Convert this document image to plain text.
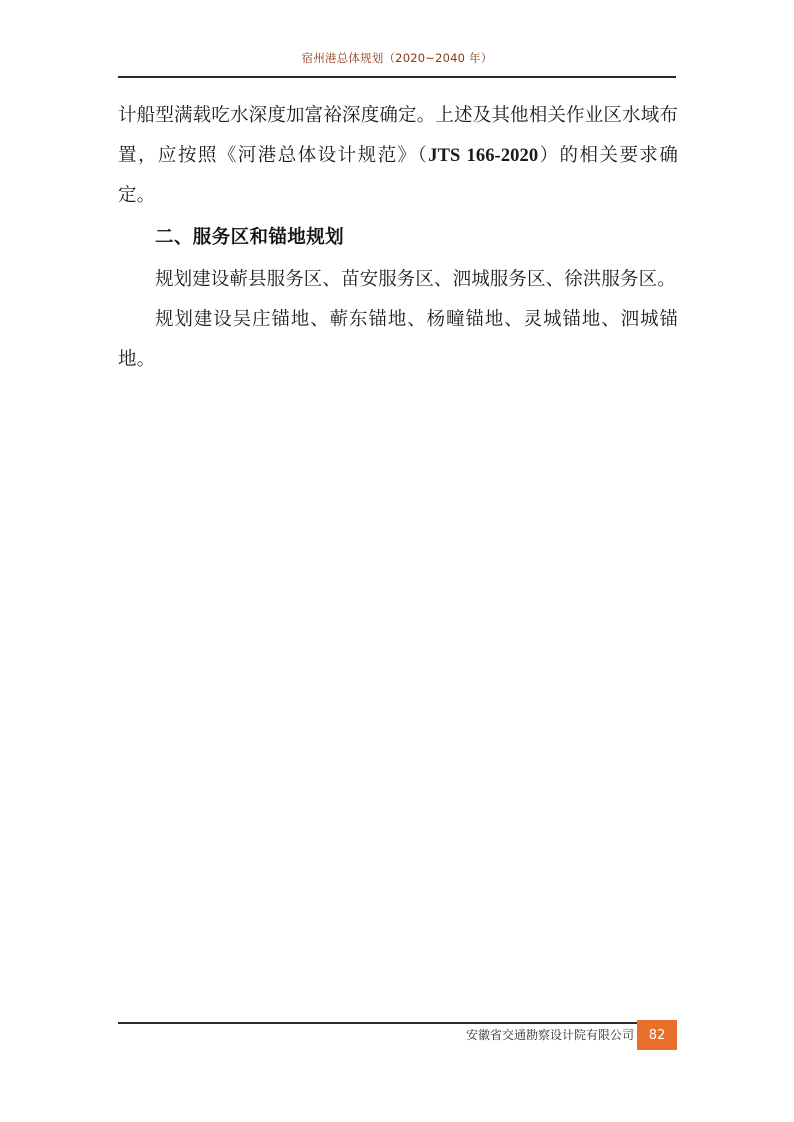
宿州港总体规划（2020~2040 年）

计船型满载吃水深度加富裕深度确定。上述及其他相关作业区水域布置，应按照《河港总体设计规范》（JTS 166-2020）的相关要求确定。

二、服务区和锚地规划

规划建设蕲县服务区、苗安服务区、泗城服务区、徐洪服务区。

规划建设吴庄锚地、蕲东锚地、杨疃锚地、灵城锚地、泗城锚地。

安徽省交通勘察设计院有限公司	82
